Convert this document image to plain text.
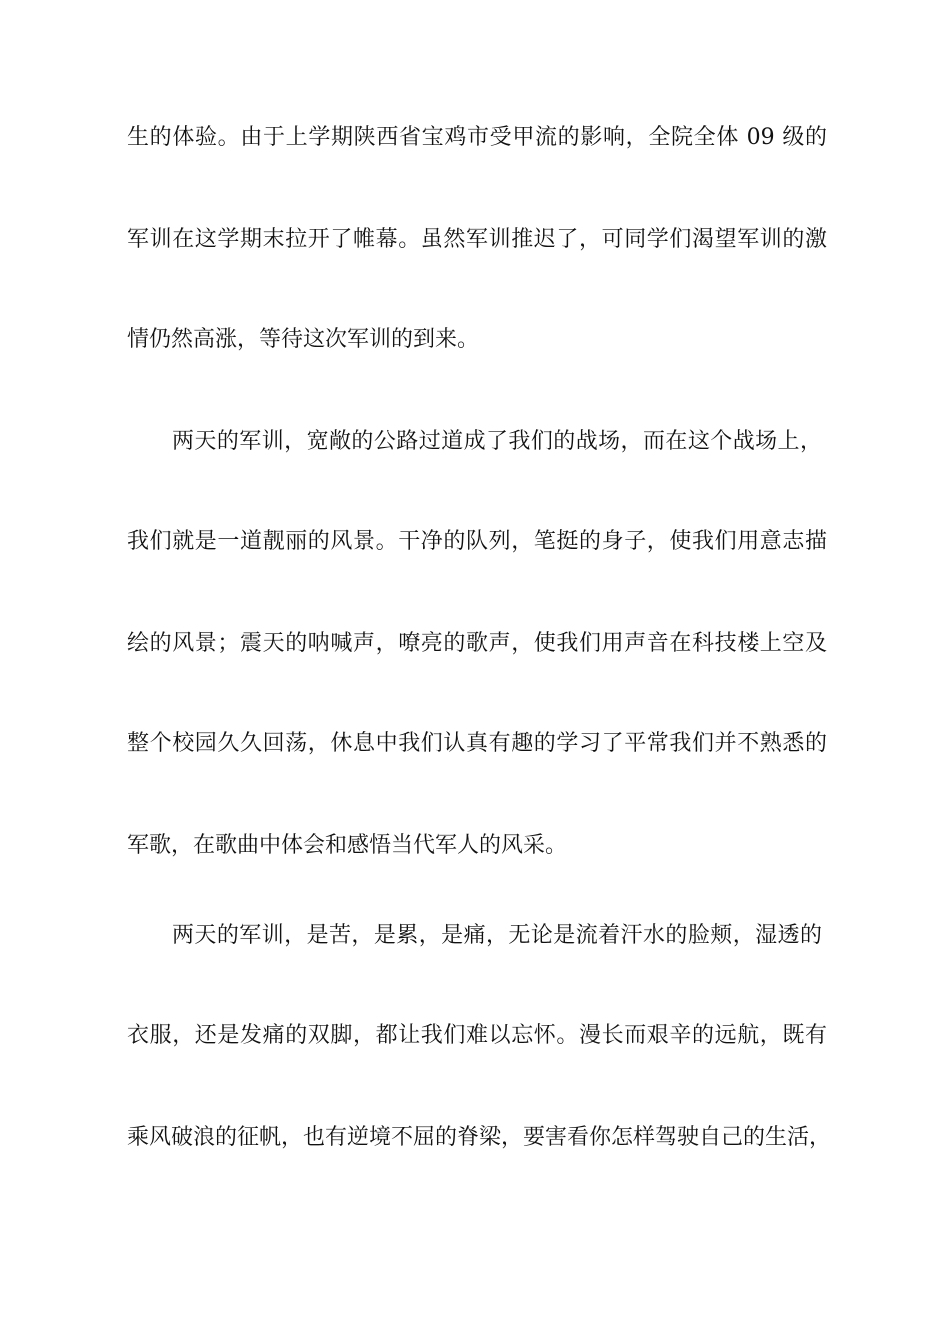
生的体验。由于上学期陕西省宝鸡市受甲流的影响，全院全体 09 级的
军训在这学期末拉开了帷幕。虽然军训推迟了，可同学们渴望军训的激
情仍然高涨，等待这次军训的到来。
两天的军训，宽敞的公路过道成了我们的战场，而在这个战场上，
我们就是一道靓丽的风景。干净的队列，笔挺的身子，使我们用意志描
绘的风景；震天的呐喊声，嘹亮的歌声，使我们用声音在科技楼上空及
整个校园久久回荡，休息中我们认真有趣的学习了平常我们并不熟悉的
军歌，在歌曲中体会和感悟当代军人的风采。
两天的军训，是苦，是累，是痛，无论是流着汗水的脸颊，湿透的
衣服，还是发痛的双脚，都让我们难以忘怀。漫长而艰辛的远航，既有
乘风破浪的征帆，也有逆境不屈的脊梁，要害看你怎样驾驶自己的生活，
